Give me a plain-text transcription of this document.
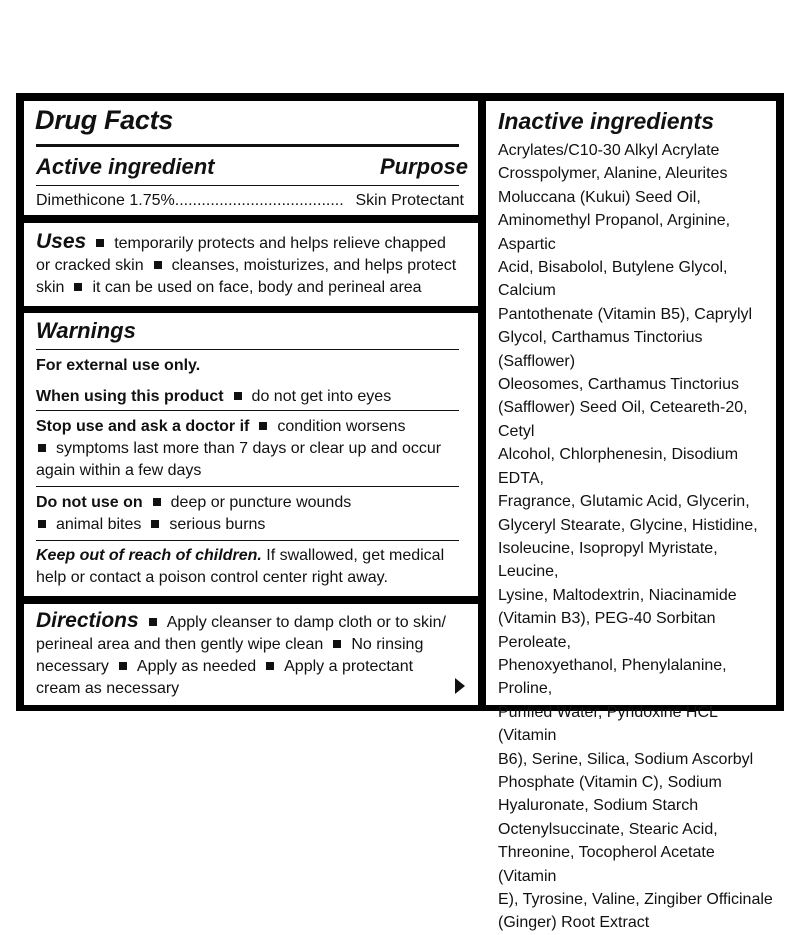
Drug Facts
Active ingredient	Purpose
Dimethicone 1.75%...................................... Skin Protectant
Uses temporarily protects and helps relieve chapped
or cracked skin cleanses, moisturizes, and helps protect
skin it can be used on face, body and perineal area
Warnings
For external use only.
When using this product do not get into eyes
Stop use and ask a doctor if condition worsens
symptoms last more than 7 days or clear up and occur
again within a few days
Do not use on deep or puncture wounds
animal bites serious burns
Keep out of reach of children. If swallowed, get medical
help or contact a poison control center right away.
Directions Apply cleanser to damp cloth or to skin/
perineal area and then gently wipe clean No rinsing
necessary Apply as needed Apply a protectant
cream as necessary
Inactive ingredients
Acrylates/C10-30 Alkyl Acrylate
Crosspolymer, Alanine, Aleurites
Moluccana (Kukui) Seed Oil,
Aminomethyl Propanol, Arginine, Aspartic
Acid, Bisabolol, Butylene Glycol, Calcium
Pantothenate (Vitamin B5), Caprylyl
Glycol, Carthamus Tinctorius (Safflower)
Oleosomes, Carthamus Tinctorius
(Safflower) Seed Oil, Ceteareth-20, Cetyl
Alcohol, Chlorphenesin, Disodium EDTA,
Fragrance, Glutamic Acid, Glycerin,
Glyceryl Stearate, Glycine, Histidine,
Isoleucine, Isopropyl Myristate, Leucine,
Lysine, Maltodextrin, Niacinamide
(Vitamin B3), PEG-40 Sorbitan Peroleate,
Phenoxyethanol, Phenylalanine, Proline,
Purified Water, Pyridoxine HCL (Vitamin
B6), Serine, Silica, Sodium Ascorbyl
Phosphate (Vitamin C), Sodium
Hyaluronate, Sodium Starch
Octenylsuccinate, Stearic Acid,
Threonine, Tocopherol Acetate (Vitamin
E), Tyrosine, Valine, Zingiber Officinale
(Ginger) Root Extract
